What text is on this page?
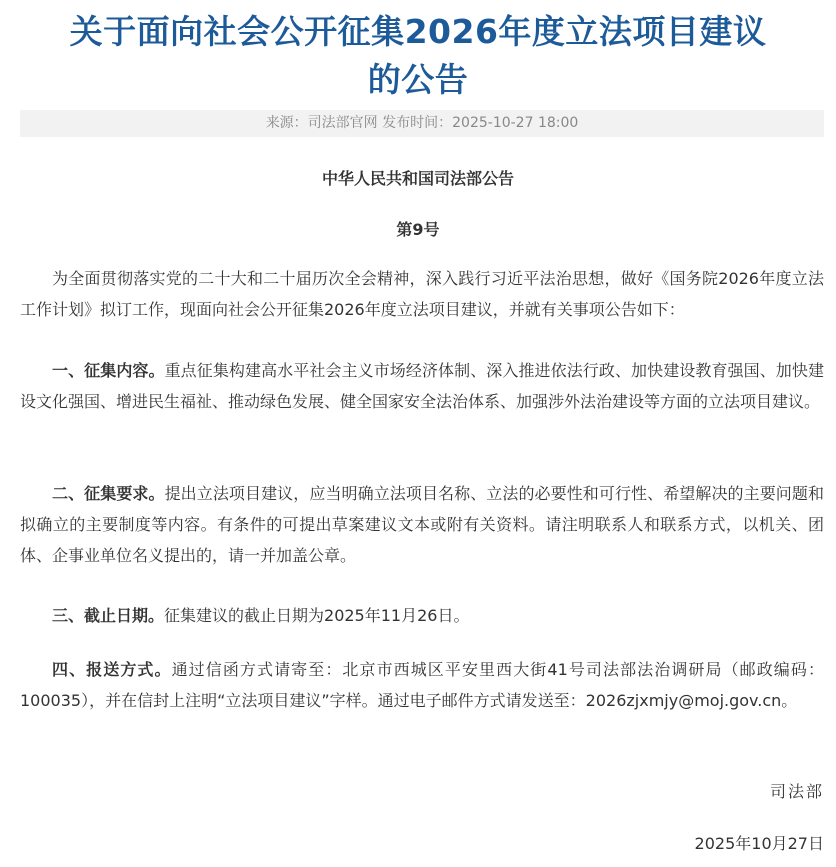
关于面向社会公开征集2026年度立法项目建议
的公告
来源：司法部官网 发布时间：2025-10-27 18:00
中华人民共和国司法部公告
第9号

为全面贯彻落实党的二十大和二十届历次全会精神，深入践行习近平法治思想，做好《国务院2026年度立法工作计划》拟订工作，现面向社会公开征集2026年度立法项目建议，并就有关事项公告如下：

一、征集内容。重点征集构建高水平社会主义市场经济体制、深入推进依法行政、加快建设教育强国、加快建设文化强国、增进民生福祉、推动绿色发展、健全国家安全法治体系、加强涉外法治建设等方面的立法项目建议。

二、征集要求。提出立法项目建议，应当明确立法项目名称、立法的必要性和可行性、希望解决的主要问题和拟确立的主要制度等内容。有条件的可提出草案建议文本或附有关资料。请注明联系人和联系方式，以机关、团体、企事业单位名义提出的，请一并加盖公章。

三、截止日期。征集建议的截止日期为2025年11月26日。

四、报送方式。通过信函方式请寄至：北京市西城区平安里西大街41号司法部法治调研局（邮政编码：100035），并在信封上注明“立法项目建议”字样。通过电子邮件方式请发送至：2026zjxmjy@moj.gov.cn。

司法部
2025年10月27日
